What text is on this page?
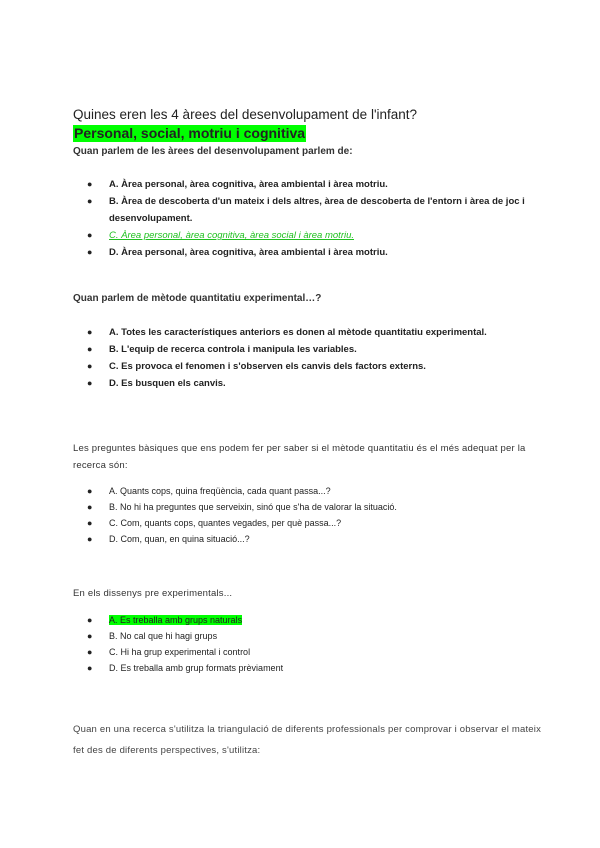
Quines eren les 4 àrees del desenvolupament de l'infant?
Personal, social, motriu i cognitiva
Quan parlem de les àrees del desenvolupament parlem de:
● A. Àrea personal, àrea cognitiva, àrea ambiental i àrea motriu.
● B. Àrea de descoberta d'un mateix i dels altres, àrea de descoberta de l'entorn i àrea de joc i desenvolupament.
● C. Àrea personal, àrea cognitiva, àrea social i àrea motriu.
● D. Àrea personal, àrea cognitiva, àrea ambiental i àrea motriu.
Quan parlem de mètode quantitatiu experimental…?
● A. Totes les característiques anteriors es donen al mètode quantitatiu experimental.
● B. L'equip de recerca controla i manipula les variables.
● C. Es provoca el fenomen i s'observen els canvis dels factors externs.
● D. Es busquen els canvis.
Les preguntes bàsiques que ens podem fer per saber si el mètode quantitatiu és el més adequat per la recerca són:
● A. Quants cops, quina freqüència, cada quant passa...?
● B. No hi ha preguntes que serveixin, sinó que s'ha de valorar la situació.
● C. Com, quants cops, quantes vegades, per què passa...?
● D. Com, quan, en quina situació...?
En els dissenys pre experimentals...
● A. Es treballa amb grups naturals
● B. No cal que hi hagi grups
● C. Hi ha grup experimental i control
● D. Es treballa amb grup formats prèviament
Quan en una recerca s'utilitza la triangulació de diferents professionals per comprovar i observar el mateix fet des de diferents perspectives, s'utilitza:
